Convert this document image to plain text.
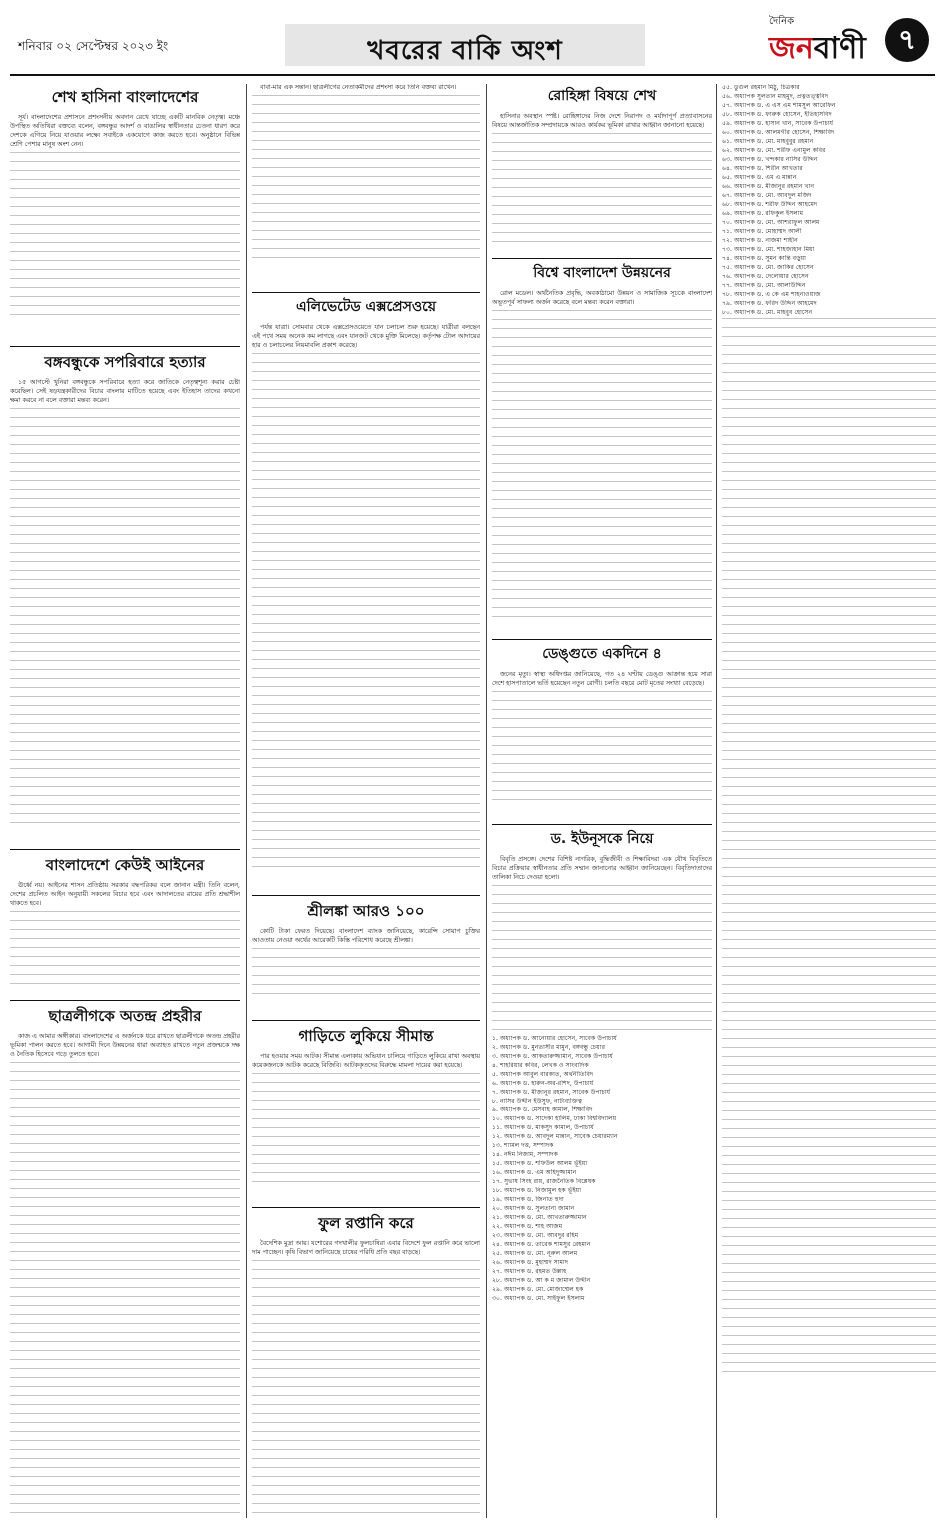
শনিবার ০২ সেপ্টেম্বর ২০২৩ ইং	খবরের বাকি অংশ
দৈনিক
জনবাণী	৭
শেখ হাসিনা বাংলাদেশের

সূর্য। বাংলাদেশের প্রশাসনে প্রশংসনীয় অবদান রেখে যাচ্ছে একটি মানবিক নেতৃত্ব। মঞ্চে উপস্থিত অতিথিরা বক্তব্যে বলেন, বঙ্গবন্ধুর আদর্শ ও বাঙালির স্বাধীনতার চেতনা ধারণ করে দেশকে এগিয়ে নিয়ে যাওয়ার লক্ষ্যে সবাইকে একযোগে কাজ করতে হবে। অনুষ্ঠানে বিভিন্ন শ্রেণি পেশার মানুষ অংশ নেন।

বঙ্গবন্ধুকে সপরিবারে হত্যার

১৫ আগস্টে খুনিরা বঙ্গবন্ধুকে সপরিবারে হত্যা করে জাতিকে নেতৃত্বশূন্য করার চেষ্টা করেছিল। সেই ষড়যন্ত্রকারীদের বিচার বাংলার মাটিতে হয়েছে এবং ইতিহাস তাদের কখনো ক্ষমা করবে না বলে বক্তারা মন্তব্য করেন।

বাংলাদেশে কেউই আইনের

ঊর্ধ্বে নয়। আইনের শাসন প্রতিষ্ঠায় সরকার বদ্ধপরিকর বলে জানান মন্ত্রী। তিনি বলেন, দেশের প্রচলিত আইন অনুযায়ী সকলের বিচার হবে এবং আদালতের রায়ের প্রতি শ্রদ্ধাশীল থাকতে হবে।

ছাত্রলীগকে অতন্দ্র প্রহরীর

কাজ এ আমার অঙ্গীকার। বাংলাদেশের এ অর্জনকে ধরে রাখতে ছাত্রলীগকে অতন্দ্র প্রহরীর ভূমিকা পালন করতে হবে। আগামী দিনে উন্নয়নের ধারা অব্যাহত রাখতে নতুন প্রজন্মকে দক্ষ ও নৈতিক হিসেবে গড়ে তুলতে হবে।

বাবা-মার এক সন্তান। ছাত্রলীগের নেতাকর্মীদের প্রশংসা করে তিনি বক্তব্য রাখেন।

এলিভেটেড এক্সপ্রেসওয়ে

পর্যন্ত যাত্রা। সোমবার থেকে এক্সপ্রেসওয়েতে যান চলাচল শুরু হয়েছে। যাত্রীরা বলছেন এই পথে সময় অনেক কম লাগছে এবং যানজট থেকে মুক্তি মিলেছে। কর্তৃপক্ষ টোল আদায়ের হার ও চলাচলের নিয়মাবলি প্রকাশ করেছে।

শ্রীলঙ্কা আরও ১০০

কোটি টাকা ফেরত দিয়েছে। বাংলাদেশ ব্যাংক জানিয়েছে, কারেন্সি সোয়াপ চুক্তির আওতায় নেওয়া অর্থের আরেকটি কিস্তি পরিশোধ করেছে শ্রীলঙ্কা।

গাড়িতে লুকিয়ে সীমান্ত

পার হওয়ার সময় আটক। সীমান্ত এলাকায় অভিযান চালিয়ে গাড়িতে লুকিয়ে রাখা অবস্থায় কয়েকজনকে আটক করেছে বিজিবি। আটককৃতদের বিরুদ্ধে মামলা দায়ের করা হয়েছে।

ফুল রপ্তানি করে

বৈদেশিক মুদ্রা আয়। যশোরের গদখালীর ফুলচাষিরা এবার বিদেশে ফুল রপ্তানি করে ভালো দাম পাচ্ছেন। কৃষি বিভাগ জানিয়েছে চাষের পরিধি প্রতি বছর বাড়ছে।

রোহিঙ্গা বিষয়ে শেখ

হাসিনার অবস্থান স্পষ্ট। রোহিঙ্গাদের নিজ দেশে নিরাপদ ও মর্যাদাপূর্ণ প্রত্যাবাসনের বিষয়ে আন্তর্জাতিক সম্প্রদায়কে আরও কার্যকর ভূমিকা রাখার আহ্বান জানানো হয়েছে।

বিশ্বে বাংলাদেশ উন্নয়নের

রোল মডেল। অর্থনৈতিক প্রবৃদ্ধি, অবকাঠামো উন্নয়ন ও সামাজিক সূচকে বাংলাদেশ অভূতপূর্ব সাফল্য অর্জন করেছে বলে মন্তব্য করেন বক্তারা।

ডেঙ্গুতে একদিনে ৪

জনের মৃত্যু। স্বাস্থ্য অধিদপ্তর জানিয়েছে, গত ২৪ ঘণ্টায় ডেঙ্গু আক্রান্ত হয়ে সারা দেশে হাসপাতালে ভর্তি হয়েছেন নতুন রোগী। চলতি বছরে মোট মৃতের সংখ্যা বেড়েছে।

ড. ইউনূসকে নিয়ে

বিবৃতি প্রসঙ্গে। দেশের বিশিষ্ট নাগরিক, বুদ্ধিজীবী ও শিক্ষাবিদরা এক যৌথ বিবৃতিতে বিচার প্রক্রিয়ার স্বাধীনতার প্রতি সম্মান জানানোর আহ্বান জানিয়েছেন। বিবৃতিদাতাদের তালিকা নিচে দেওয়া হলো।

১. অধ্যাপক ড. আনোয়ার হোসেন, সাবেক উপাচার্য
২. অধ্যাপক ড. মুনতাসীর মামুন, বঙ্গবন্ধু চেয়ার
৩. অধ্যাপক ড. আকতারুজ্জামান, সাবেক উপাচার্য
৪. শাহরিয়ার কবির, লেখক ও সাংবাদিক
৫. অধ্যাপক আবুল বারকাত, অর্থনীতিবিদ
৬. অধ্যাপক ড. হারুন-অর-রশিদ, উপাচার্য
৭. অধ্যাপক ড. মীজানুর রহমান, সাবেক উপাচার্য
৮. নাসির উদ্দীন ইউসুফ, নাট্যব্যক্তিত্ব
৯. অধ্যাপক ড. মেসবাহ কামাল, শিক্ষাবিদ
১০. অধ্যাপক ড. সাদেকা হালিম, ঢাকা বিশ্ববিদ্যালয়
১১. অধ্যাপক ড. মাকসুদ কামাল, উপাচার্য
১২. অধ্যাপক ড. আবদুল মান্নান, সাবেক চেয়ারম্যান
১৩. শ্যামল দত্ত, সম্পাদক
১৪. নঈম নিজাম, সম্পাদক
১৫. অধ্যাপক ড. শফিউল আলম ভূঁইয়া
১৬. অধ্যাপক ড. এম অহিদুজ্জামান
১৭. সুভাষ সিংহ রায়, রাজনৈতিক বিশ্লেষক
১৮. অধ্যাপক ড. নিজামুল হক ভূঁইয়া
১৯. অধ্যাপক ড. জিনাত হুদা
২০. অধ্যাপক ড. সুলতানা জামান
২১. অধ্যাপক ড. মো. আখতারুজ্জামান
২২. অধ্যাপক ড. শাহ আজম
২৩. অধ্যাপক ড. মো. আবদুর রহিম
২৪. অধ্যাপক ড. তারেক শামসুর রেহমান
২৫. অধ্যাপক ড. মো. নূরুল আলম
২৬. অধ্যাপক ড. মুহাম্মদ সামাদ
২৭. অধ্যাপক ড. রহমত উল্লাহ
২৮. অধ্যাপক ড. আ ক ম জামাল উদ্দীন
২৯. অধ্যাপক ড. মো. মোজাম্মেল হক
৩০. অধ্যাপক ড. মো. সাইফুল ইসলাম
৫৫. ডুগুল রহমান মিঠু, চিত্রকার
৫৬. অধ্যাপক সুলতান মাহমুদ, প্রত্নতত্ত্ববিদ
৫৭. অধ্যাপক ড. এ এস এম শামসুল আরেফিন
৫৮. অধ্যাপক ড. ফারুক হোসেন, ইতিহাসবিদ
৫৯. অধ্যাপক ড. হাসান খান, সাবেক উপাচার্য
৬০. অধ্যাপক ড. আলমগীর হোসেন, শিক্ষাবিদ
৬১. অধ্যাপক ড. মো. মাহবুবুর রহমান
৬২. অধ্যাপক ড. মো. শরীফ এনামুল কবির
৬৩. অধ্যাপক ড. খন্দকার নাসির উদ্দিন
৬৪. অধ্যাপক ড. শিরীন আখতার
৬৫. অধ্যাপক ড. এম এ মান্নান
৬৬. অধ্যাপক ড. মীজানুর রহমান খান
৬৭. অধ্যাপক ড. মো. আবদুল মজিদ
৬৮. অধ্যাপক ড. শরীফ উদ্দিন আহমেদ
৬৯. অধ্যাপক ড. রফিকুল ইসলাম
৭০. অধ্যাপক ড. মো. আশরাফুল আলম
৭১. অধ্যাপক ড. মোহাম্মদ আলী
৭২. অধ্যাপক ড. নাজমা শাহীন
৭৩. অধ্যাপক ড. মো. শাহজাহান মিয়া
৭৪. অধ্যাপক ড. সুমন কান্তি বড়ুয়া
৭৫. অধ্যাপক ড. মো. জাকির হোসেন
৭৬. অধ্যাপক ড. দেলোয়ার হোসেন
৭৭. অধ্যাপক ড. মো. আলাউদ্দিন
৭৮. অধ্যাপক ড. এ কে এম শাহনাওয়াজ
৭৯. অধ্যাপক ড. ফরিদ উদ্দিন আহমেদ
৮০. অধ্যাপক ড. মো. মাহবুব হোসেন
